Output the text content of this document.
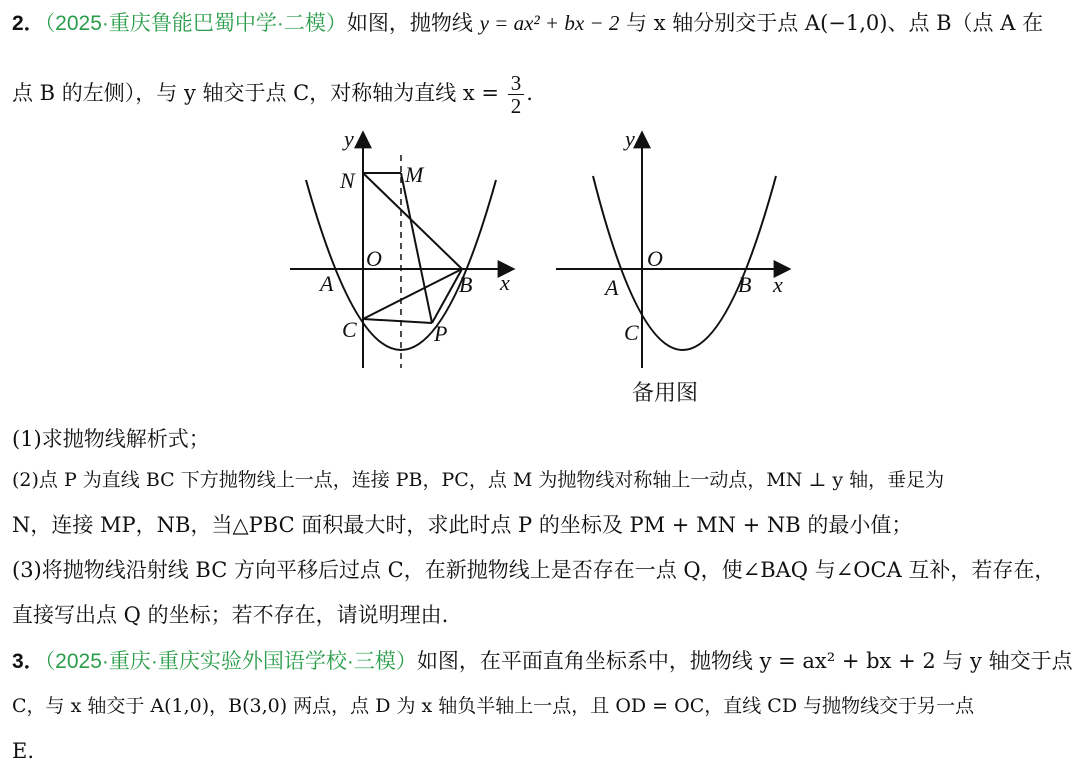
2．（2025·重庆鲁能巴蜀中学·二模）如图，抛物线 y = ax² + bx − 2 与 x 轴分别交于点 A(−1,0)、点 B（点 A 在
点 B 的左侧），与 y 轴交于点 C，对称轴为直线 $x = \frac{3}{2}$ .
y
x
O
A	B
C
N M
P
y
x
O
A	B
C
备用图
(1)求抛物线解析式；
(2)点 P 为直线 BC 下方抛物线上一点，连接 PB，PC，点 M 为抛物线对称轴上一动点，MN ⊥ y 轴，垂足为
N，连接 MP，NB，当△PBC 面积最大时，求此时点 P 的坐标及 PM + MN + NB 的最小值；
(3)将抛物线沿射线 BC 方向平移后过点 C，在新抛物线上是否存在一点 Q，使∠BAQ 与∠OCA 互补，若存在，
直接写出点 Q 的坐标；若不存在，请说明理由.
3．（2025·重庆·重庆实验外国语学校·三模）如图，在平面直角坐标系中，抛物线 y = ax² + bx + 2 与 y 轴交于点
C，与 x 轴交于 A(1,0)，B(3,0) 两点，点 D 为 x 轴负半轴上一点，且 OD = OC，直线 CD 与抛物线交于另一点
E.
